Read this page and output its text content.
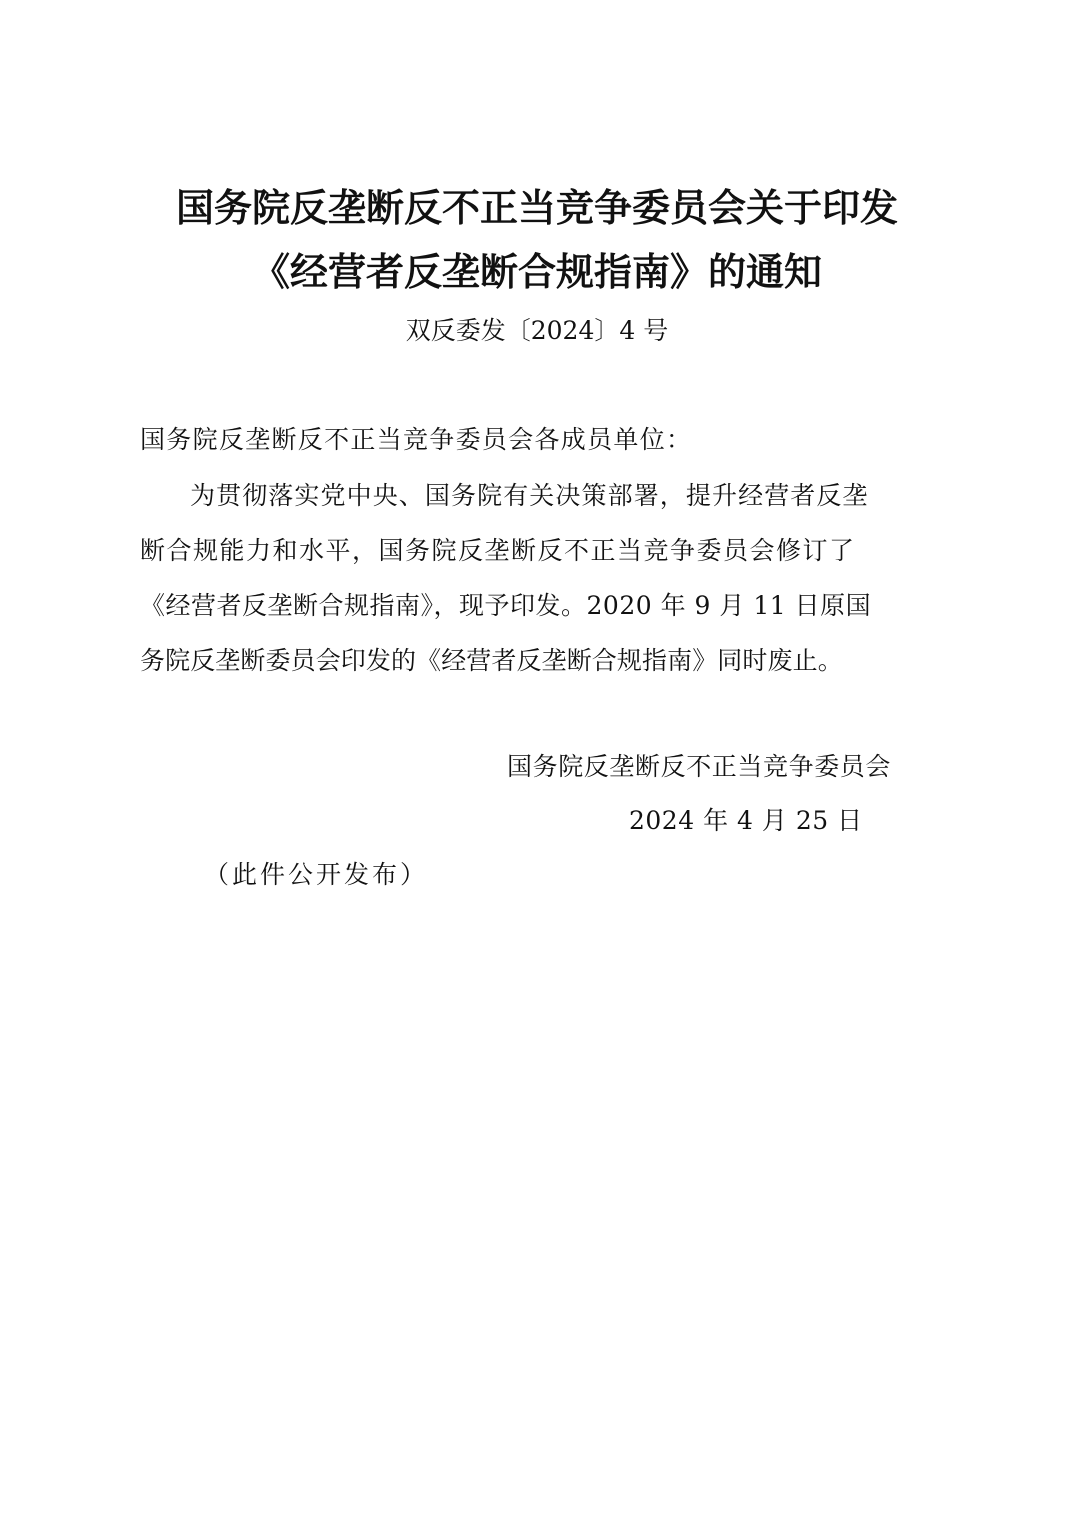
国务院反垄断反不正当竞争委员会关于印发
《经营者反垄断合规指南》的通知
双反委发〔2024〕4 号
国务院反垄断反不正当竞争委员会各成员单位：
为贯彻落实党中央、国务院有关决策部署，提升经营者反垄
断合规能力和水平，国务院反垄断反不正当竞争委员会修订了
《经营者反垄断合规指南》，现予印发。2020 年 9 月 11 日原国
务院反垄断委员会印发的《经营者反垄断合规指南》同时废止。
国务院反垄断反不正当竞争委员会
2024 年 4 月 25 日
（此件公开发布）
